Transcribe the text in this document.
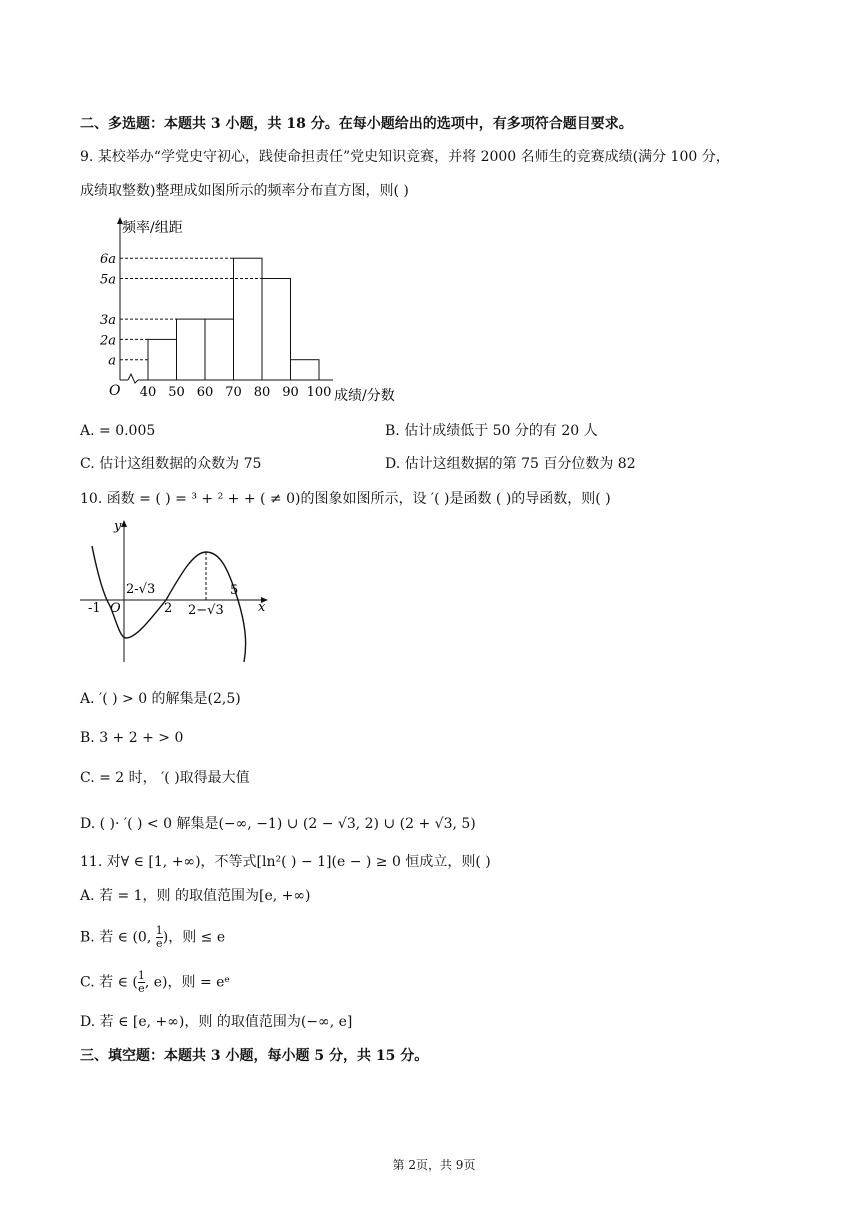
二、多选题：本题共 3 小题，共 18 分。在每小题给出的选项中，有多项符合题目要求。
9. 某校举办“学党史守初心，践使命担责任”党史知识竞赛，并将 2000 名师生的竞赛成绩(满分 100 分，
成绩取整数)整理成如图所示的频率分布直方图，则( )
频率/组距
成绩/分数
O 40 50 60 70 80 90 100
a
2a
3a
5a
6a
A. = 0.005	B. 估计成绩低于 50 分的有 20 人
C. 估计这组数据的众数为 75	D. 估计这组数据的第 75 百分位数为 82
10. 函数 = ( ) = ³ + ² + + ( ≠ 0)的图象如图所示，设 ′( )是函数 ( )的导函数，则( )
y
x
O
-1	2
5
2-√3
2−√3
A. ′( ) > 0 的解集是(2,5)
B. 3 + 2 + > 0
C. = 2 时， ′( )取得最大值
D. ( )· ′( ) < 0 解集是(−∞, −1) ∪ (2 − √3, 2) ∪ (2 + √3, 5)
11. 对∀ ∈ [1, +∞)，不等式[ln²( ) − 1](e − ) ≥ 0 恒成立，则( )
A. 若 = 1，则 的取值范围为[e, +∞)
B. 若 ∈ (0, $\frac{1}{e}$ )，则 ≤ e
C. 若 ∈ ( $\frac{1}{e}$ , e)，则 = eᵉ
D. 若 ∈ [e, +∞)，则 的取值范围为(−∞, e]
三、填空题：本题共 3 小题，每小题 5 分，共 15 分。
第 2页，共 9页
